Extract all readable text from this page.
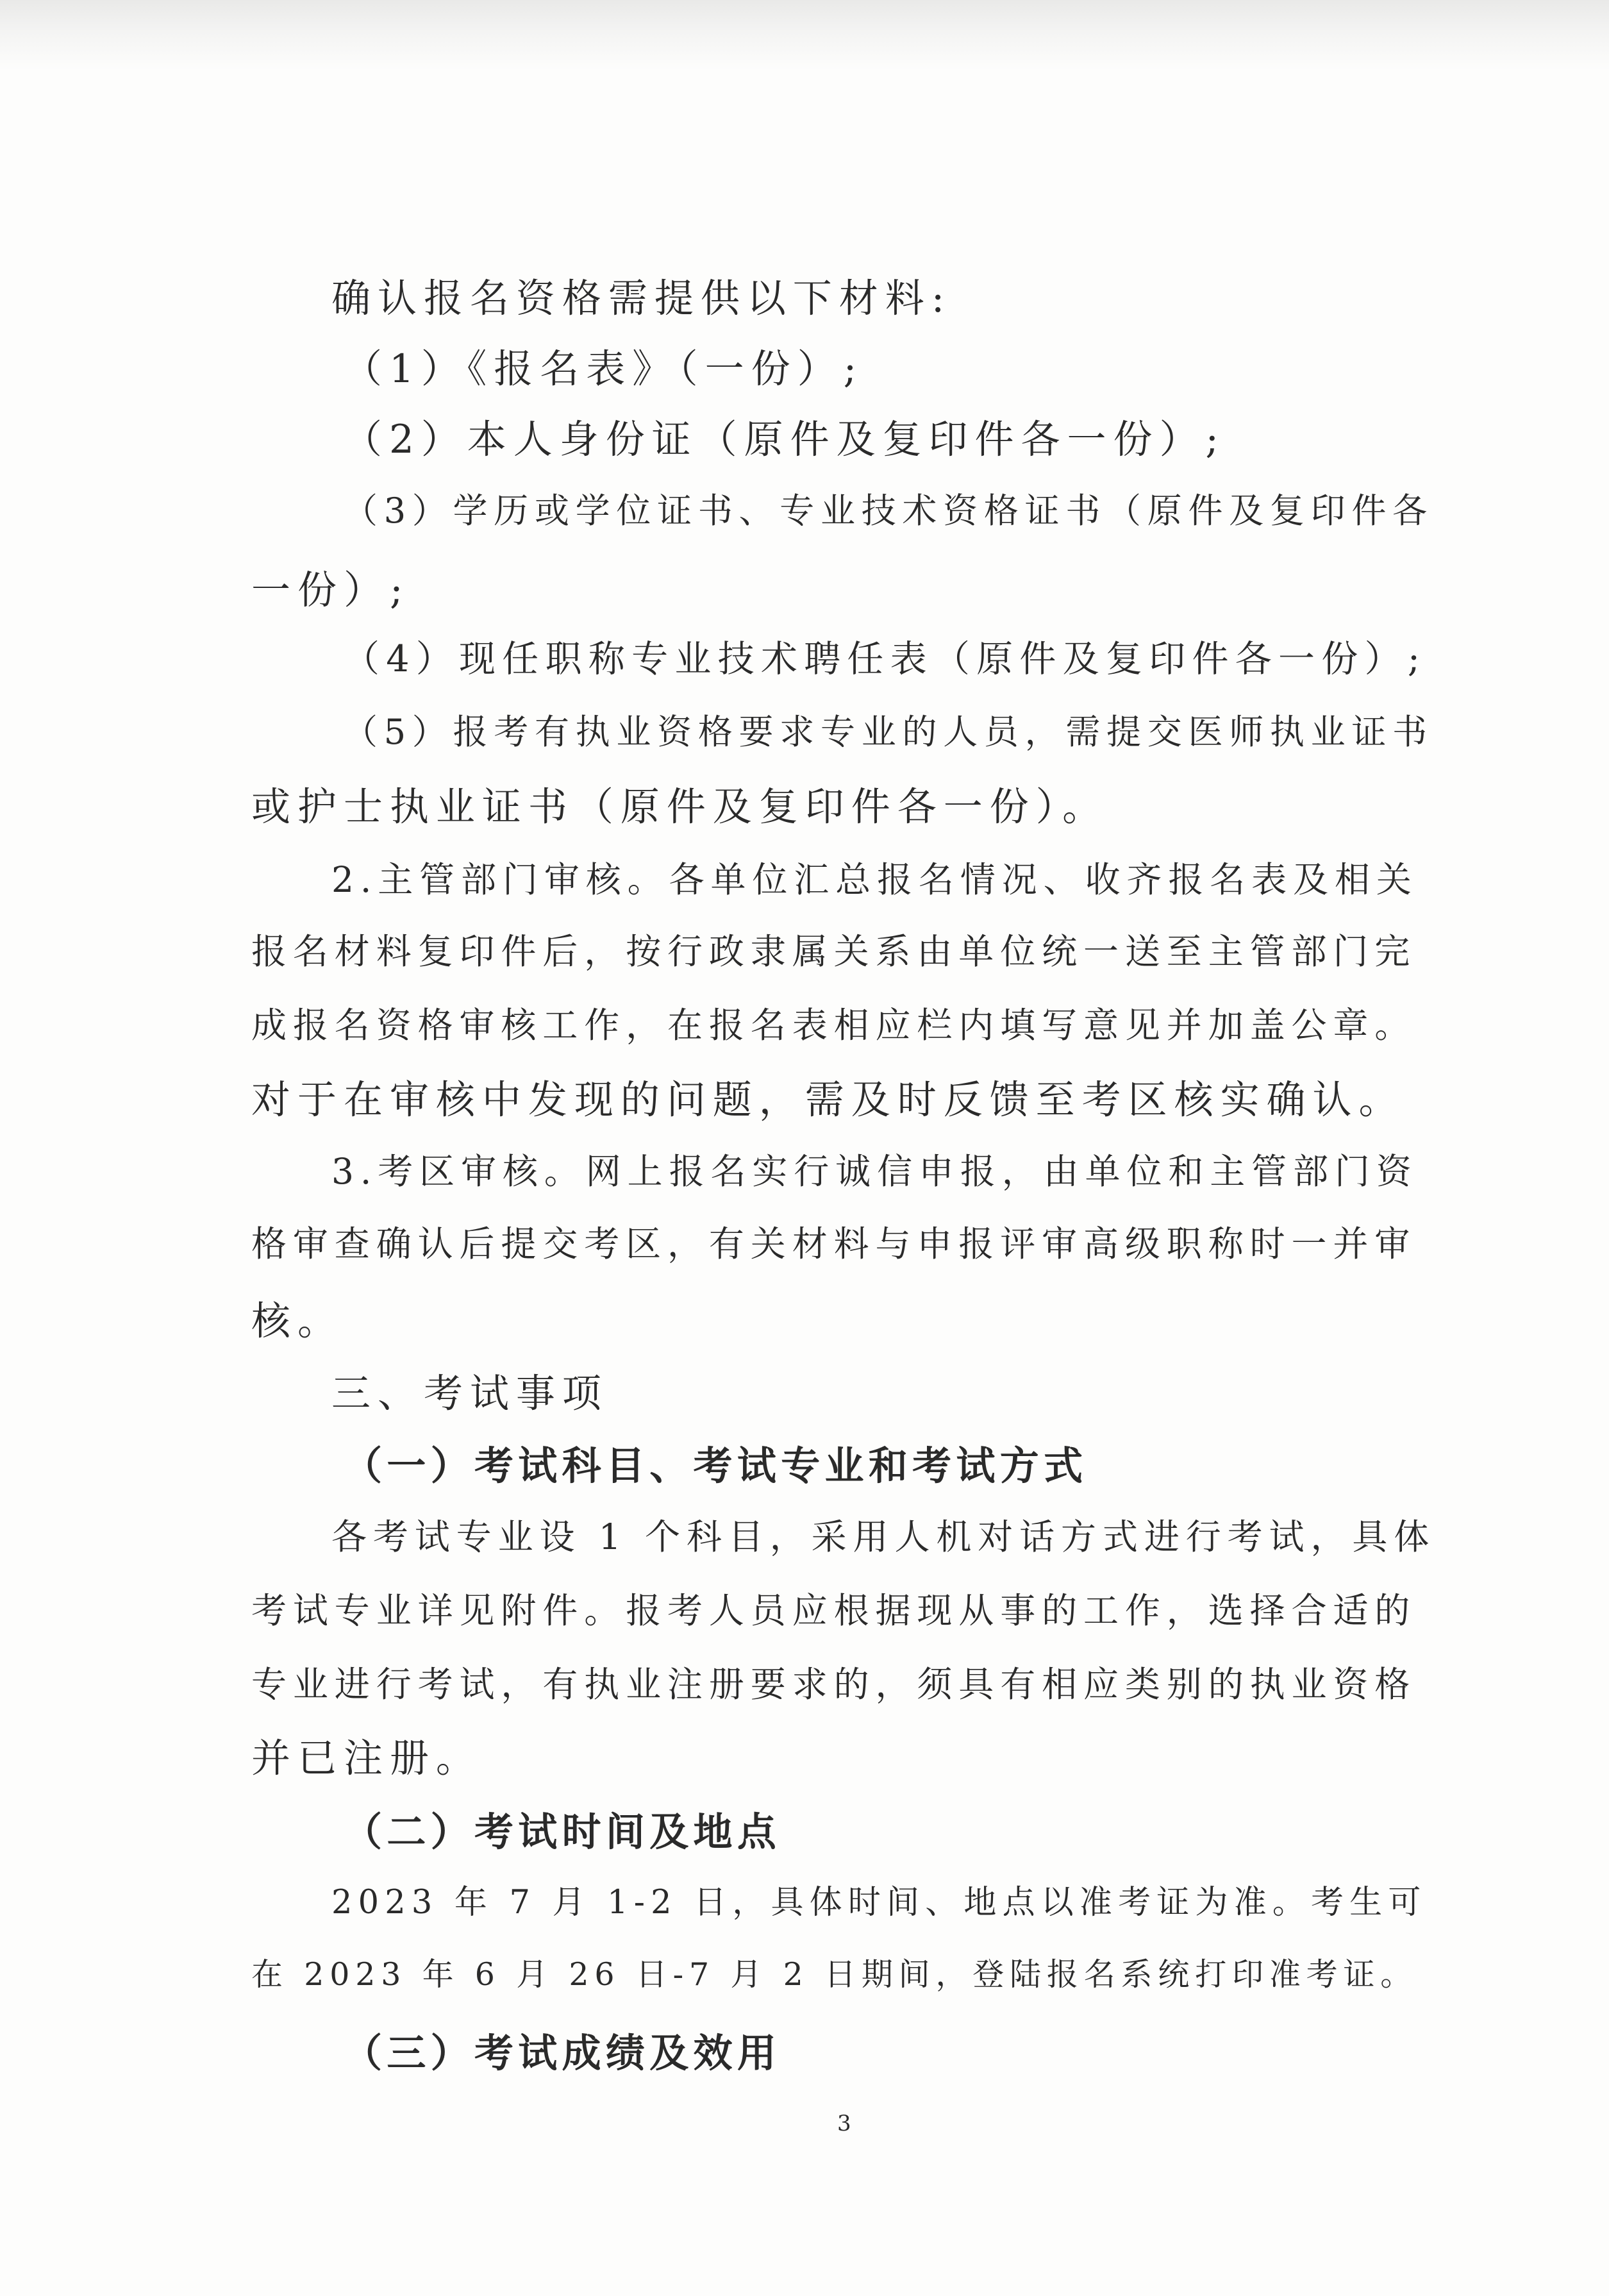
确认报名资格需提供以下材料:
（1）《报名表》（一份）;
（2）本人身份证（原件及复印件各一份）;
（3）学历或学位证书、专业技术资格证书（原件及复印件各
一份）;
（4）现任职称专业技术聘任表（原件及复印件各一份）;
（5）报考有执业资格要求专业的人员，需提交医师执业证书
或护士执业证书（原件及复印件各一份）。
2.主管部门审核。各单位汇总报名情况、收齐报名表及相关
报名材料复印件后，按行政隶属关系由单位统一送至主管部门完
成报名资格审核工作，在报名表相应栏内填写意见并加盖公章。
对于在审核中发现的问题，需及时反馈至考区核实确认。
3.考区审核。网上报名实行诚信申报，由单位和主管部门资
格审查确认后提交考区，有关材料与申报评审高级职称时一并审
核。
三、考试事项
（一）考试科目、考试专业和考试方式
各考试专业设 1 个科目，采用人机对话方式进行考试，具体
考试专业详见附件。报考人员应根据现从事的工作，选择合适的
专业进行考试，有执业注册要求的，须具有相应类别的执业资格
并已注册。
（二）考试时间及地点
2023 年 7 月 1-2 日，具体时间、地点以准考证为准。考生可
在 2023 年 6 月 26 日-7 月 2 日期间，登陆报名系统打印准考证。
（三）考试成绩及效用
3
